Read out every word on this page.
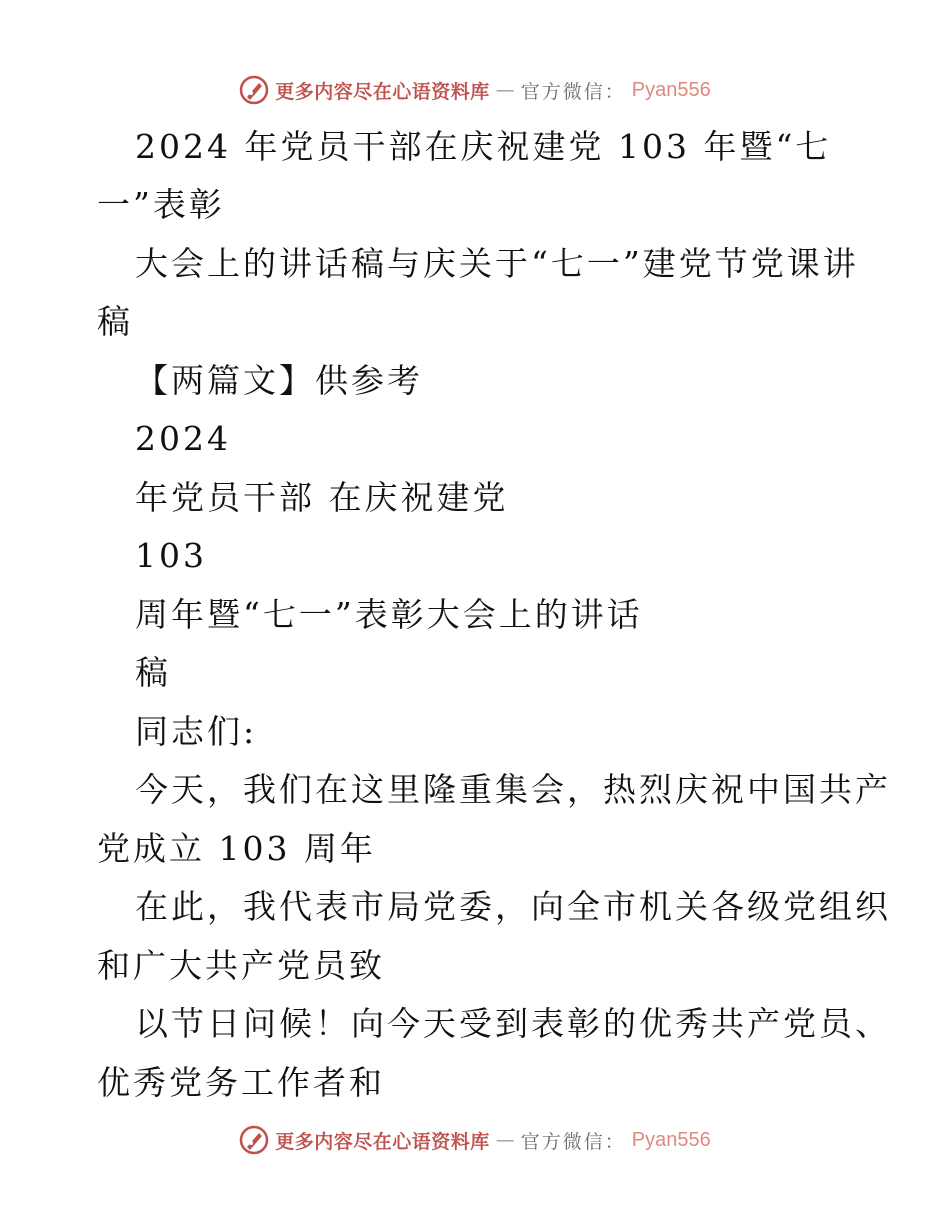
更多内容尽在心语资料库 — 官方微信： Pyan556
2024 年党员干部在庆祝建党 103 年暨“七
一”表彰
大会上的讲话稿与庆关于“七一”建党节党课讲
稿
【两篇文】供参考
2024
年党员干部 在庆祝建党
103
周年暨“七一”表彰大会上的讲话
稿
同志们:
今天，我们在这里隆重集会，热烈庆祝中国共产
党成立 103 周年
在此，我代表市局党委，向全市机关各级党组织
和广大共产党员致
以节日问候！向今天受到表彰的优秀共产党员、
优秀党务工作者和
更多内容尽在心语资料库 — 官方微信： Pyan556
